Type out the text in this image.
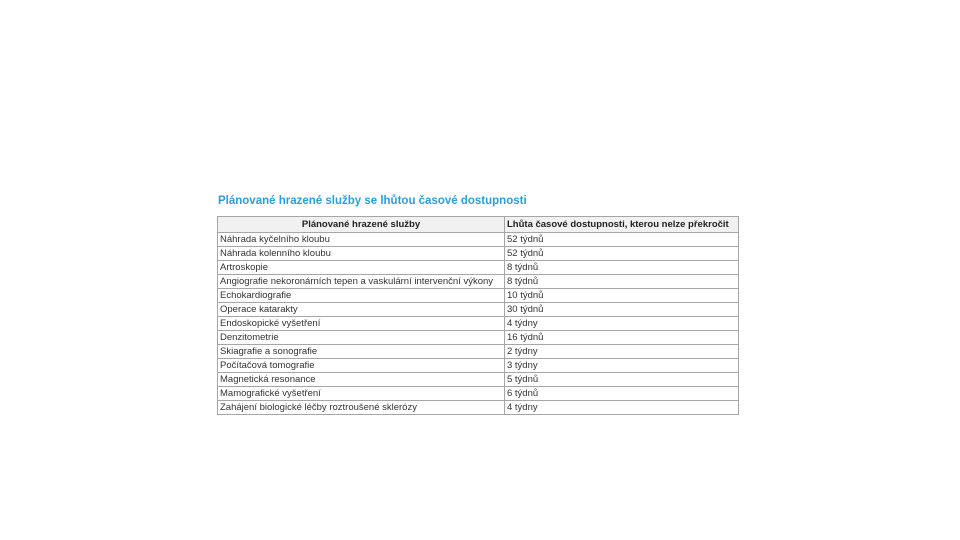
Plánované hrazené služby se lhůtou časové dostupnosti
Plánované hrazené služby	Lhůta časové dostupnosti, kterou nelze překročit
Náhrada kyčelního kloubu	52 týdnů
Náhrada kolenního kloubu	52 týdnů
Artroskopie	8 týdnů
Angiografie nekoronárních tepen a vaskulární intervenční výkony	8 týdnů
Echokardiografie	10 týdnů
Operace katarakty	30 týdnů
Endoskopické vyšetření	4 týdny
Denzitometrie	16 týdnů
Skiagrafie a sonografie	2 týdny
Počítačová tomografie	3 týdny
Magnetická resonance	5 týdnů
Mamografické vyšetření	6 týdnů
Zahájení biologické léčby roztroušené sklerózy	4 týdny
